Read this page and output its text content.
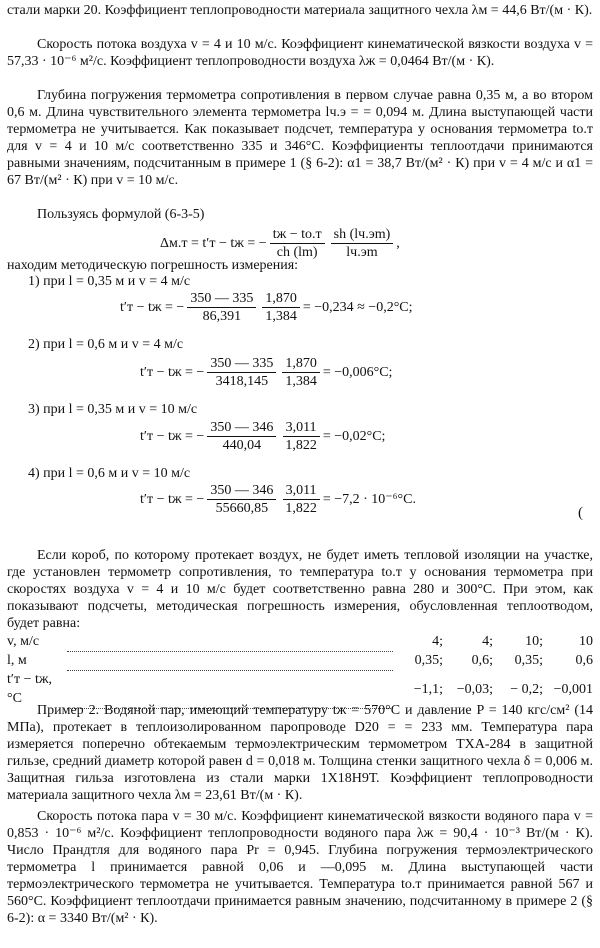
стали марки 20. Коэффициент теплопроводности материала защитного чехла λм = 44,6 Вт/(м · К).

Скорость потока воздуха v = 4 и 10 м/с. Коэффициент кинематической вязкости воздуха v = 57,33 · 10⁻⁶ м²/с. Коэффициент теплопроводности воздуха λж = 0,0464 Вт/(м · К).

Глубина погружения термометра сопротивления в первом случае равна 0,35 м, а во втором 0,6 м. Длина чувствительного элемента термометра lч.э = = 0,094 м. Длина выступающей части термометра не учитывается. Как показывает подсчет, температура у основания термометра tо.т для v = 4 и 10 м/с соответственно 335 и 346°С. Коэффициенты теплоотдачи принимаются равными значениям, подсчитанным в примере 1 (§ 6-2): α1 = 38,7 Вт/(м² · К) при v = 4 м/с и α1 = 67 Вт/(м² · К) при v = 10 м/с.

Пользуясь формулой (6-3-5)

Δм.т = t′т − tж = −
tж − tо.т
ch (lm)
sh (lч.эm)
lч.эm
,

находим методическую погрешность измерения:

1) при l = 0,35 м и v = 4 м/с
t′т − tж = − $\frac{350 — 335}{86,391} \frac{1,870}{1,384} = -0,234 \approx -0,2^\circ С$;
2) при l = 0,6 м и v = 4 м/с
t′т − tж = − $\frac{350 — 335}{3418,145} \frac{1,870}{1,384} = -0,006^\circ С$;
3) при l = 0,35 м и v = 10 м/с
t′т − tж = − $\frac{350 — 346}{440,04} \frac{3,011}{1,822} = -0,02^\circ С$;
4) при l = 0,6 м и v = 10 м/с
t′т − tж = − $\frac{350 — 346}{55660,85} \frac{3,011}{1,822} = -7,2 \cdot 10^{-6}^\circ С$.
(

Если короб, по которому протекает воздух, не будет иметь тепловой изоляции на участке, где установлен термометр сопротивления, то температура tо.т у основания термометра при скоростях воздуха v = 4 и 10 м/с будет соответственно равна 280 и 300°С. При этом, как показывают подсчеты, методическая погрешность измерения, обусловленная теплоотводом, будет равна:

v, м/с		4;	4;	10;	10
l, м		0,35;	0,6;	0,35;	0,6
t′т − tж, °С		−1,1;	−0,03;	− 0,2;	−0,001

Пример 2. Водяной пар, имеющий температуру tж = 570°С и давление P = 140 кгс/см² (14 МПа), протекает в теплоизолированном паропроводе D20 = = 233 мм. Температура пара измеряется поперечно обтекаемым термоэлектрическим термометром ТХА-284 в защитной гильзе, средний диаметр которой равен d = 0,018 м. Толщина стенки защитного чехла δ = 0,006 м. Защитная гильза изготовлена из стали марки 1Х18Н9Т. Коэффициент теплопроводности материала защитного чехла λм = 23,61 Вт/(м · К).

Скорость потока пара v = 30 м/с. Коэффициент кинематической вязкости водяного пара v = 0,853 · 10⁻⁶ м²/с. Коэффициент теплопроводности водяного пара λж = 90,4 · 10⁻³ Вт/(м · К). Число Прандтля для водяного пара Pr = 0,945. Глубина погружения термоэлектрического термометра l принимается равной 0,06 и —0,095 м. Длина выступающей части термоэлектрического термометра не учитывается. Температура tо.т принимается равной 567 и 560°С. Коэффициент теплоотдачи принимается равным значению, подсчитанному в примере 2 (§ 6-2): α = 3340 Вт/(м² · К).
